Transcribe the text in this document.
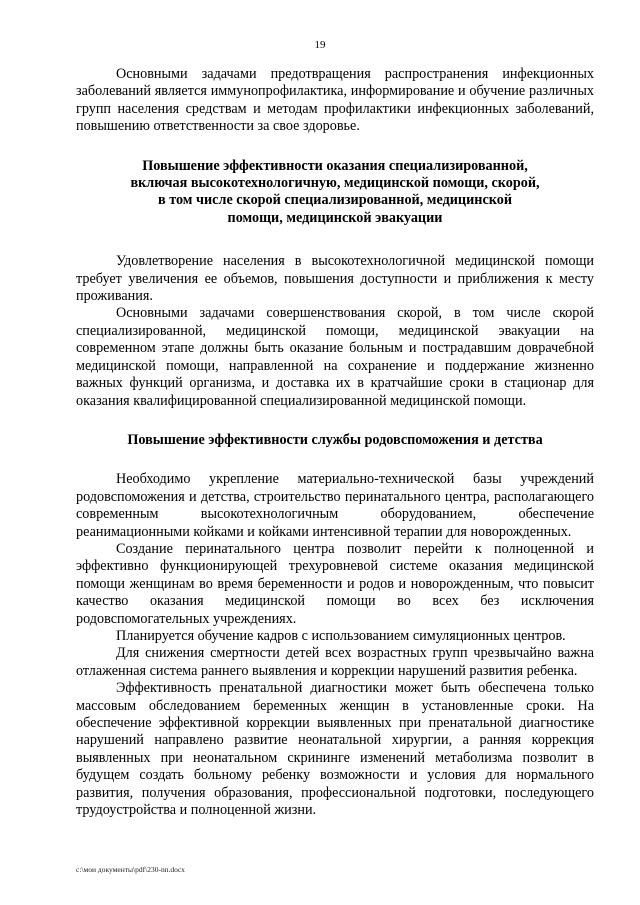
19

Основными задачами предотвращения распространения инфекционных заболеваний является иммунопрофилактика, информирование и обучение различных групп населения средствам и методам профилактики инфекционных заболеваний, повышению ответственности за свое здоровье.

Повышение эффективности оказания специализированной,
включая высокотехнологичную, медицинской помощи, скорой,
в том числе скорой специализированной, медицинской
помощи, медицинской эвакуации

Удовлетворение населения в высокотехнологичной медицинской помощи требует увеличения ее объемов, повышения доступности и приближения к месту проживания.

Основными задачами совершенствования скорой, в том числе скорой специализированной, медицинской помощи, медицинской эвакуации на современном этапе должны быть оказание больным и пострадавшим доврачебной медицинской помощи, направленной на сохранение и поддержание жизненно важных функций организма, и доставка их в кратчайшие сроки в стационар для оказания квалифицированной специализированной медицинской помощи.

Повышение эффективности службы родовспоможения и детства

Необходимо укрепление материально-технической базы учреждений родовспоможения и детства, строительство перинатального центра, располагающего современным высокотехнологичным оборудованием, обеспечение реанимационными койками и койками интенсивной терапии для новорожденных.

Создание перинатального центра позволит перейти к полноценной и эффективно функционирующей трехуровневой системе оказания медицинской помощи женщинам во время беременности и родов и новорожденным, что повысит качество оказания медицинской помощи во всех без исключения родовспомогательных учреждениях.

Планируется обучение кадров с использованием симуляционных центров.

Для снижения смертности детей всех возрастных групп чрезвычайно важна отлаженная система раннего выявления и коррекции нарушений развития ребенка.

Эффективность пренатальной диагностики может быть обеспечена только массовым обследованием беременных женщин в установленные сроки. На обеспечение эффективной коррекции выявленных при пренатальной диагностике нарушений направлено развитие неонатальной хирургии, а ранняя коррекция выявленных при неонатальном скрининге изменений метаболизма позволит в будущем создать больному ребенку возможности и условия для нормального развития, получения образования, профессиональной подготовки, последующего трудоустройства и полноценной жизни.

c:\мои документы\pdf\230-nn.docx
